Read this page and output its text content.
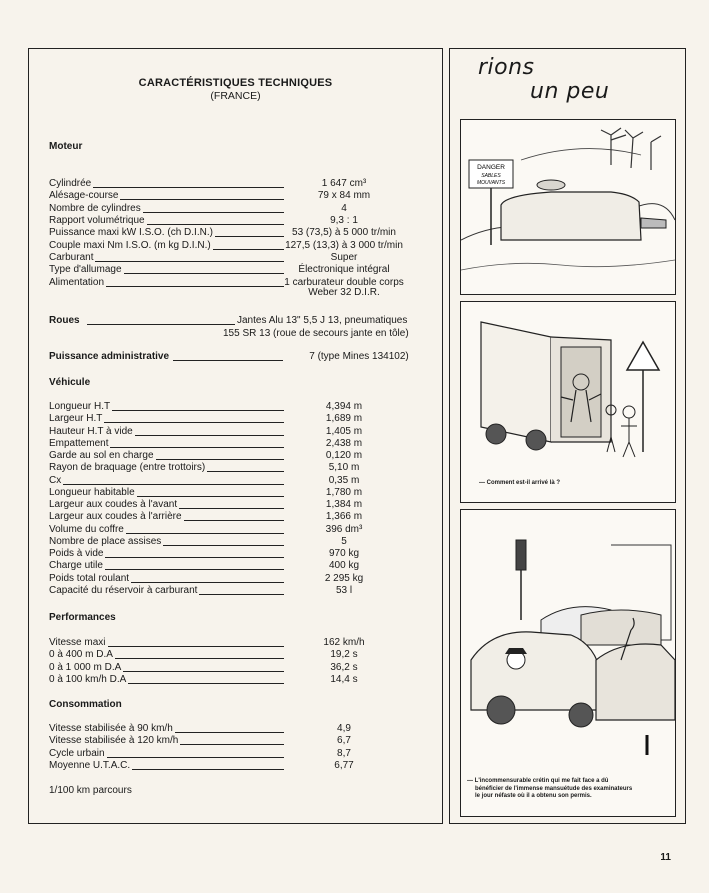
CARACTÉRISTIQUES TECHNIQUES
(FRANCE)
Moteur
Cylindrée	1 647 cm³
Alésage-course	79 x 84 mm
Nombre de cylindres	4
Rapport volumétrique	9,3 : 1
Puissance maxi kW I.S.O. (ch D.I.N.)	53 (73,5) à 5 000 tr/min
Couple maxi Nm I.S.O. (m kg D.I.N.)	127,5 (13,3) à 3 000 tr/min
Carburant	Super
Type d'allumage	Électronique intégral
Alimentation	1 carburateur double corps
Weber 32 D.I.R.
Roues	Jantes Alu 13" 5,5 J 13, pneumatiques
155 SR 13 (roue de secours jante en tôle)
Puissance administrative	7 (type Mines 134102)
Véhicule
Longueur H.T	4,394 m
Largeur H.T	1,689 m
Hauteur H.T à vide	1,405 m
Empattement	2,438 m
Garde au sol en charge	0,120 m
Rayon de braquage (entre trottoirs)	5,10 m
Cx	0,35 m
Longueur habitable	1,780 m
Largeur aux coudes à l'avant	1,384 m
Largeur aux coudes à l'arrière	1,366 m
Volume du coffre	396 dm³
Nombre de place assises	5
Poids à vide	970 kg
Charge utile	400 kg
Poids total roulant	2 295 kg
Capacité du réservoir à carburant	53 l
Performances
Vitesse maxi	162 km/h
0 à 400 m D.A	19,2 s
0 à 1 000 m D.A	36,2 s
0 à 100 km/h D.A	14,4 s
Consommation
Vitesse stabilisée à 90 km/h	4,9
Vitesse stabilisée à 120 km/h	6,7
Cycle urbain	8,7
Moyenne U.T.A.C.	6,77
1/100 km parcours
rions
un peu
DANGER
SABLES
MOUVANTS
— Comment est-il arrivé là ?
— L'incommensurable crétin qui me fait face a dû
bénéficier de l'immense mansuétude des examinateurs
le jour néfaste où il a obtenu son permis.
11
